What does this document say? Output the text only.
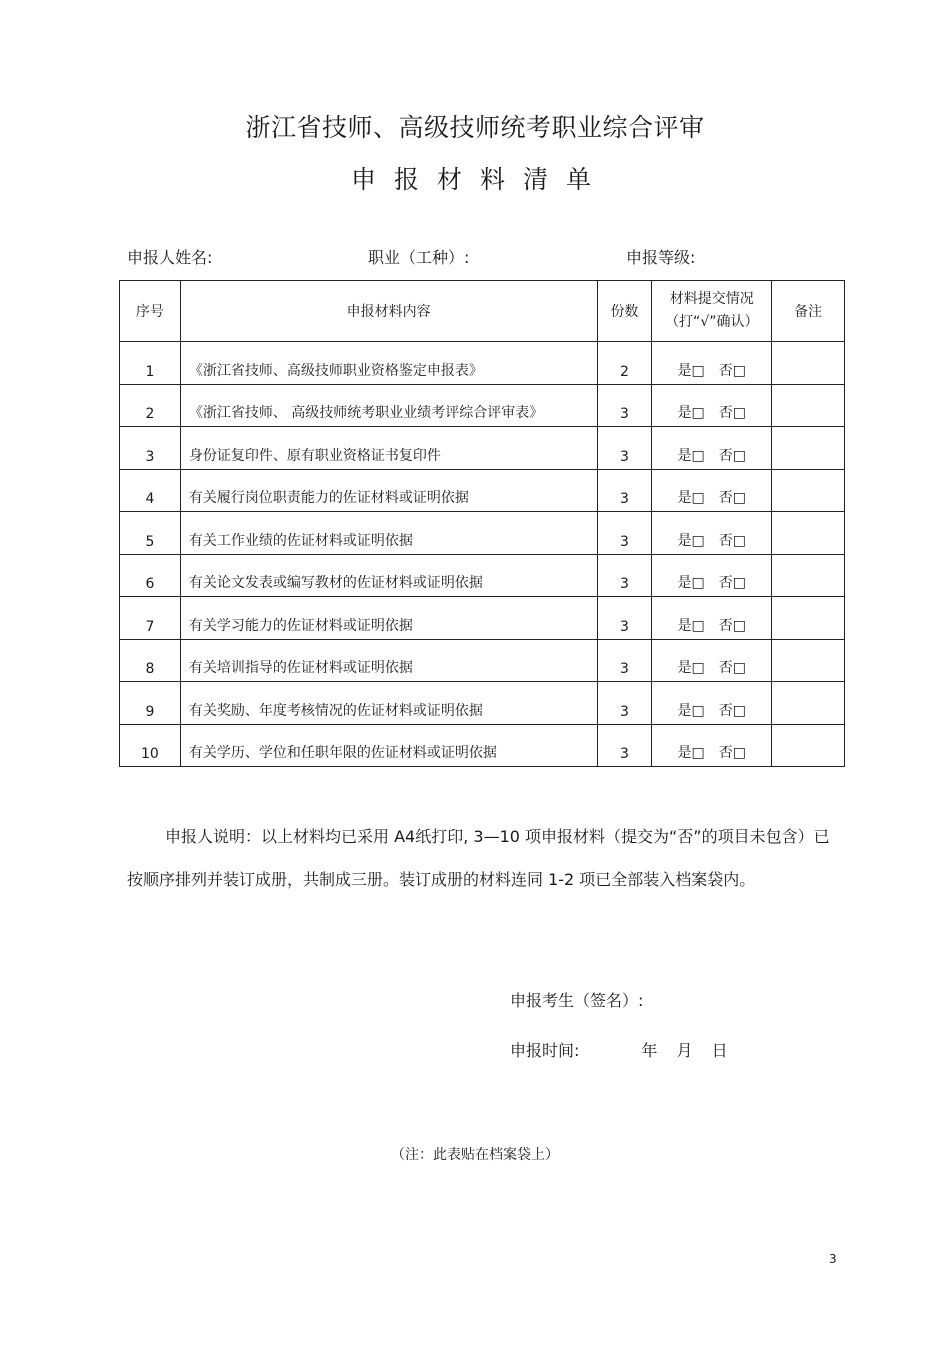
浙江省技师、高级技师统考职业综合评审
申报材料清单
申报人姓名:	职业（工种）:	申报等级:
序号	申报材料内容	份数	材料提交情况
（打“√”确认）	备注
1	《浙江省技师、高级技师职业资格鉴定申报表》	2	是□ 否□	
2	《浙江省技师、 高级技师统考职业业绩考评综合评审表》	3	是□ 否□	
3	身份证复印件、原有职业资格证书复印件	3	是□ 否□	
4	有关履行岗位职责能力的佐证材料或证明依据	3	是□ 否□	
5	有关工作业绩的佐证材料或证明依据	3	是□ 否□	
6	有关论文发表或编写教材的佐证材料或证明依据	3	是□ 否□	
7	有关学习能力的佐证材料或证明依据	3	是□ 否□	
8	有关培训指导的佐证材料或证明依据	3	是□ 否□	
9	有关奖励、年度考核情况的佐证材料或证明依据	3	是□ 否□	
10	有关学历、学位和任职年限的佐证材料或证明依据	3	是□ 否□	
申报人说明：以上材料均已采用 A4纸打印, 3—10 项申报材料（提交为“否”的项目未包含）已按顺序排列并装订成册，共制成三册。装订成册的材料连同 1-2 项已全部装入档案袋内。
申报考生（签名）:
申报时间:	年 月 日
（注：此表贴在档案袋上）
3
